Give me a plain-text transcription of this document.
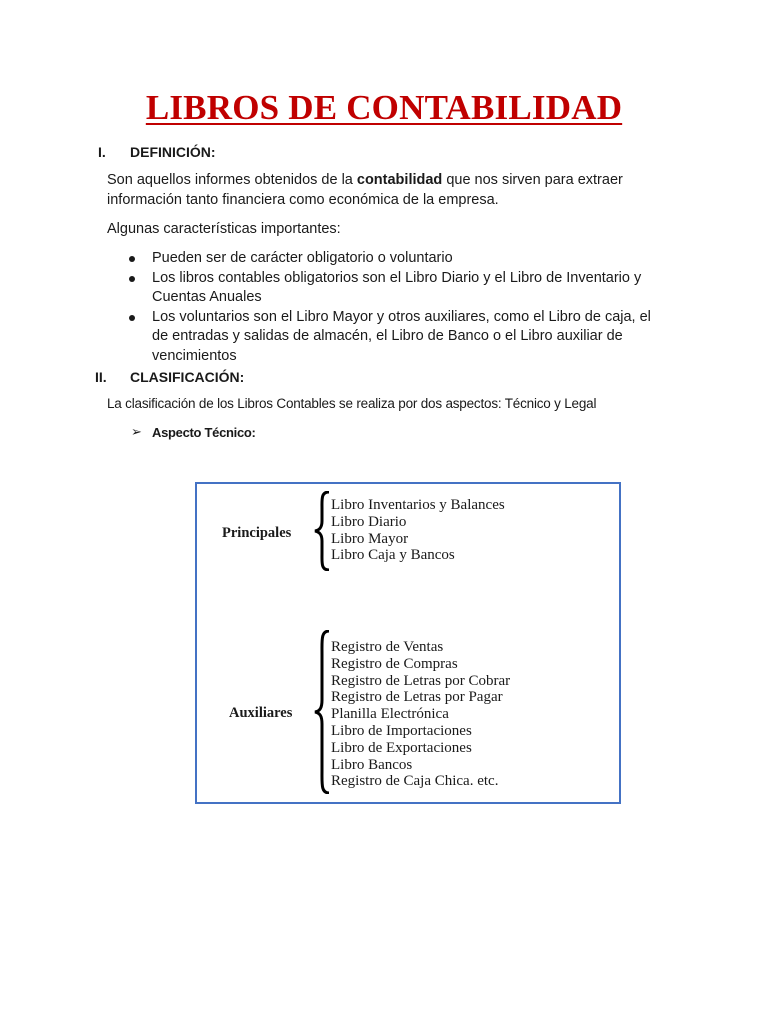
LIBROS DE CONTABILIDAD
I. DEFINICIÓN:
Son aquellos informes obtenidos de la contabilidad que nos sirven para extraer información tanto financiera como económica de la empresa.
Algunas características importantes:
Pueden ser de carácter obligatorio o voluntario
Los libros contables obligatorios son el Libro Diario y el Libro de Inventario y Cuentas Anuales
Los voluntarios son el Libro Mayor y otros auxiliares, como el Libro de caja, el de entradas y salidas de almacén, el Libro de Banco o el Libro auxiliar de vencimientos
II. CLASIFICACIÓN:
La clasificación de los Libros Contables se realiza por dos aspectos: Técnico y Legal
➢ Aspecto Técnico:
Principales
Libro Inventarios y Balances
Libro Diario
Libro Mayor
Libro Caja y Bancos
Auxiliares
Registro de Ventas
Registro de Compras
Registro de Letras por Cobrar
Registro de Letras por Pagar
Planilla Electrónica
Libro de Importaciones
Libro de Exportaciones
Libro Bancos
Registro de Caja Chica. etc.
